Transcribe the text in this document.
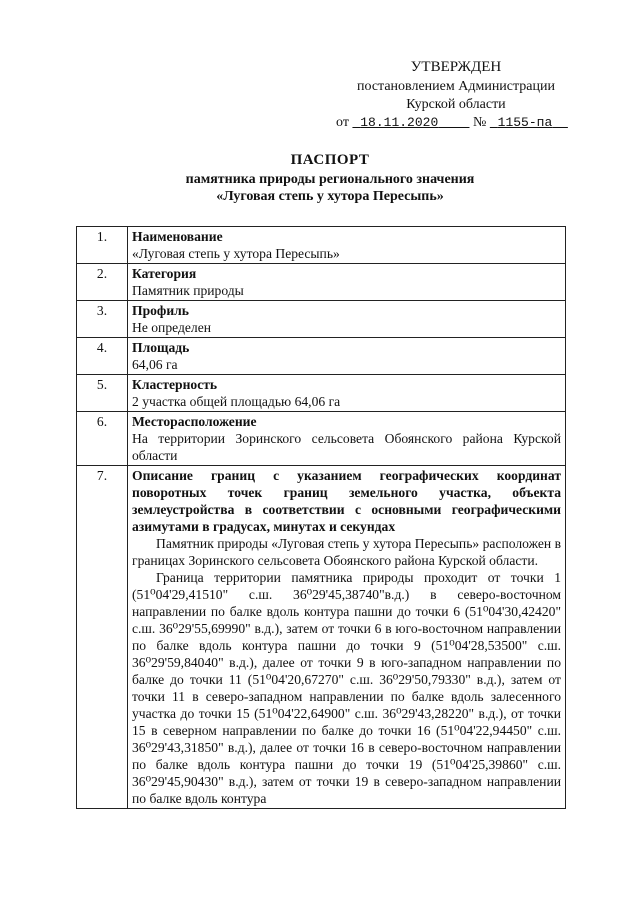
УТВЕРЖДЕН
постановлением Администрации
Курской области
от 18.11.2020 № 1155-па
ПАСПОРТ
памятника природы регионального значения
«Луговая степь у хутора Пересыпь»
1.	Наименование
«Луговая степь у хутора Пересыпь»

2.	Категория
Памятник природы

3.	Профиль
Не определен

4.	Площадь
64,06 га

5.	Кластерность
2 участка общей площадью 64,06 га

6.	Месторасположение
На территории Зоринского сельсовета Обоянского района Курской области

7.	Описание границ с указанием географических координат поворотных точек границ земельного участка, объекта землеустройства в соответствии с основными географическими азимутами в градусах, минутах и секундах
Памятник природы «Луговая степь у хутора Пересыпь» расположен в границах Зоринского сельсовета Обоянского района Курской области.
Граница территории памятника природы проходит от точки 1 (51⁰04'29,41510" с.ш. 36⁰29'45,38740"в.д.) в северо-восточном направлении по балке вдоль контура пашни до точки 6 (51⁰04'30,42420" с.ш. 36⁰29'55,69990" в.д.), затем от точки 6 в юго-восточном направлении по балке вдоль контура пашни до точки 9 (51⁰04'28,53500" с.ш. 36⁰29'59,84040" в.д.), далее от точки 9 в юго-западном направлении по балке до точки 11 (51⁰04'20,67270" с.ш. 36⁰29'50,79330" в.д.), затем от точки 11 в северо-западном направлении по балке вдоль залесенного участка до точки 15 (51⁰04'22,64900" с.ш. 36⁰29'43,28220" в.д.), от точки 15 в северном направлении по балке до точки 16 (51⁰04'22,94450" с.ш. 36⁰29'43,31850" в.д.), далее от точки 16 в северо-восточном направлении по балке вдоль контура пашни до точки 19 (51⁰04'25,39860" с.ш. 36⁰29'45,90430" в.д.), затем от точки 19 в северо-западном направлении по балке вдоль контура
